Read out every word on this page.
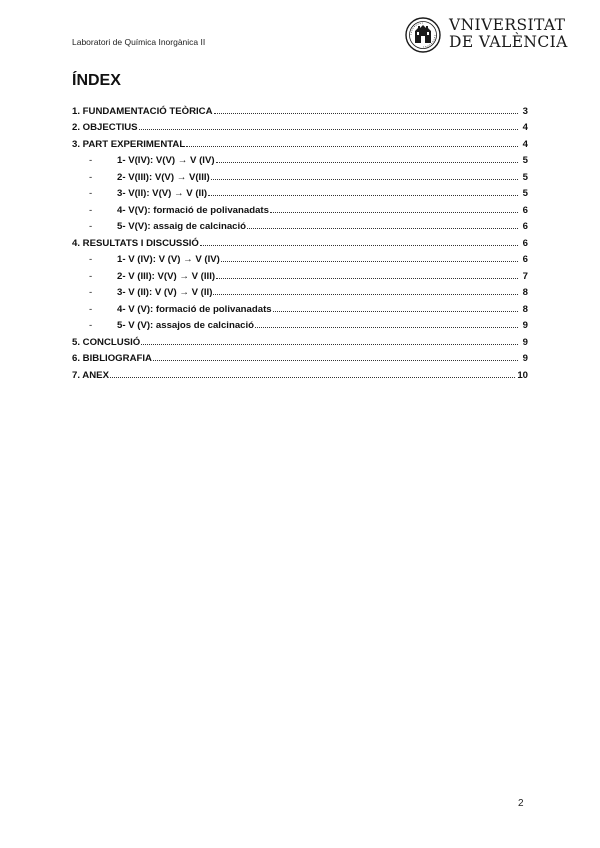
Laboratori de Química Inorgànica II
VNIVERSITAT
DE VALÈNCIA
ÍNDEX
1. FUNDAMENTACIÓ TEÒRICA	3
2. OBJECTIUS	4
3. PART EXPERIMENTAL	4
-	1- V(IV): V(V) → V (IV)	5
-	2- V(III): V(V) → V(III)	5
-	3- V(II): V(V) → V (II)	5
-	4- V(V): formació de polivanadats	6
-	5- V(V): assaig de calcinació	6
4. RESULTATS I DISCUSSIÓ	6
-	1- V (IV): V (V) → V (IV)	6
-	2- V (III): V(V) → V (III)	7
-	3- V (II): V (V) → V (II)	8
-	4- V (V): formació de polivanadats	8
-	5- V (V): assajos de calcinació	9
5. CONCLUSIÓ	9
6. BIBLIOGRAFIA	9
7. ANEX	10
2
